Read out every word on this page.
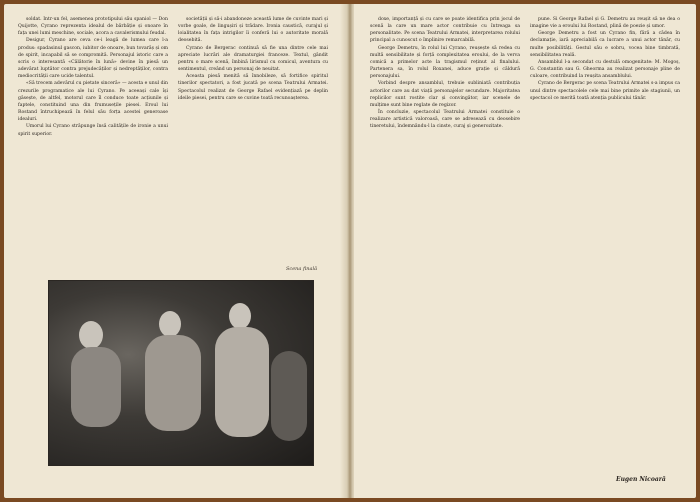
soldat. Intr-un fel, asemenea prototipului său spaniol — Don Quijotte, Cyrano reprezenta idealul de bărbăție și onoare în fața unei lumi meschine, sociale, acora a cavalerismului feudal.

Desigur, Cyrano are ceva ce-i leagă de lumea care l-a produs: spadasinul gascon, iubitor de onoare, bun tovarăș și om de spirit, incapabil să se compromită. Personajul istoric care a scris o interesantă «Călătorie în lună» devine în piesă un adevărat luptător contra prejudecăților și nedreptăților, contra mediocrității care ucide talentul.

«Să trecem adevărul cu pietate sinceră» — acesta e unul din crezurile programatice ale lui Cyrano. Pe aceeași cale își găsește, de altfel, motorul care îl conduce toate acțiunile și faptele, constituind una din frumusețile piesei. Eroul lui Rostand întruchipează în felul său forța acestei generoase idealuri.

Umorul lui Cyrano străpunge însă calitățile de ironie a unui spirit superior.

societății și să-i abandoneze această lume de cuvinte mari și vorbe goale, de lingușiri și trădare. Ironia caustică, curajul și loialitatea în fața intrigilor îi conferă lui o autoritate morală deosebită.

Cyrano de Bergerac continuă să fie una dintre cele mai apreciate lucrări ale dramaturgiei franceze. Textul, gândit pentru o mare scenă, îmbină lirismul cu comicul, aventura cu sentimentul, creând un personaj de neuitat.

Aceasta piesă menită să înnobileze, să fortifice spiritul tinerilor spectatori, a fost jucată pe scena Teatrului Armatei. Spectacolul realizat de George Rafael evidențiază pe deplin ideile piesei, pentru care se cuvine toată recunoașterea.

Scena finală

doxe, importanță și cu care se poate identifica prin jocul de scenă la care un mare actor contribuie cu întreaga sa personalitate. Pe scena Teatrului Armatei, interpretarea rolului principal a cunoscut o împlinire remarcabilă.

George Demetru, în rolul lui Cyrano, reușește să redea cu multă sensibilitate și forță complexitatea eroului, de la verva comică a primelor acte la tragismul reținut al finalului. Partenera sa, în rolul Roxanei, aduce grație și căldură personajului.

Vorbind despre ansamblul, trebuie subliniată contribuția actorilor care au dat viață personajelor secundare. Majoritatea replicilor sunt rostite clar și convingător, iar scenele de mulțime sunt bine reglate de regizor.

În concluzie, spectacolul Teatrului Armatei constituie o realizare artistică valoroasă, care se adresează cu deosebire tineretului, îndemnându-l la cinste, curaj și generozitate.

pune. Si George Rafael și G. Demetru au reușit să ne dea o imagine vie a eroului lui Rostand, plină de poezie și umor.

George Demetru a fost un Cyrano fin, fără a cădea în declamație, iară apreciabilă ca lucrare a unui actor tânăr, cu multe posibilități. Gestul său e sobru, vocea bine timbrată, sensibilitatea reală.

Ansamblul l-a secondat cu destulă omogenitate: M. Mogoș, G. Constantin sau G. Gheorma au realizat personaje pline de culoare, contribuind la reușita ansamblului.

Cyrano de Bergerac pe scena Teatrului Armatei s-a impus ca unul dintre spectacolele cele mai bine primite ale stagiunii, un spectacol ce merită toată atenția publicului tânăr.

Eugen Nicoară
